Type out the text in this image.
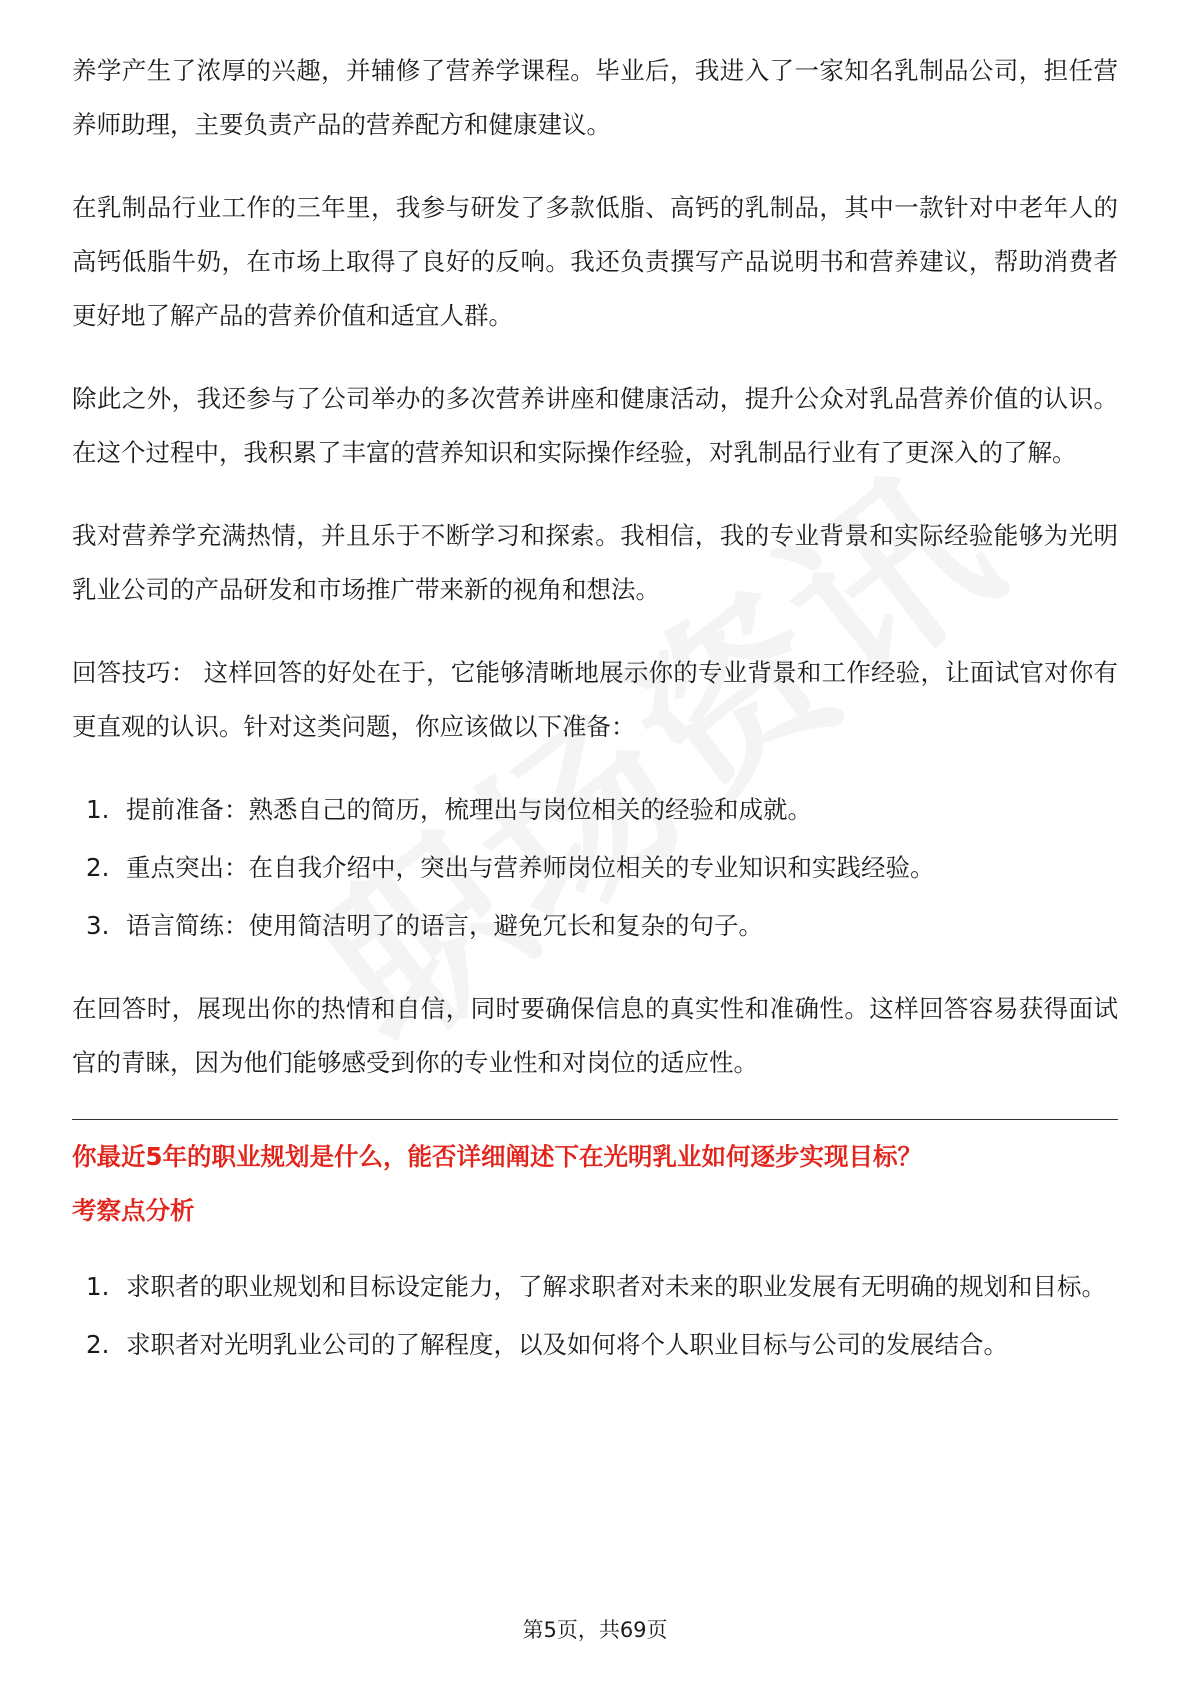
养学产生了浓厚的兴趣，并辅修了营养学课程。毕业后，我进入了一家知名乳制品公司，担任营养师助理，主要负责产品的营养配方和健康建议。

在乳制品行业工作的三年里，我参与研发了多款低脂、高钙的乳制品，其中一款针对中老年人的高钙低脂牛奶，在市场上取得了良好的反响。我还负责撰写产品说明书和营养建议，帮助消费者更好地了解产品的营养价值和适宜人群。

除此之外，我还参与了公司举办的多次营养讲座和健康活动，提升公众对乳品营养价值的认识。在这个过程中，我积累了丰富的营养知识和实际操作经验，对乳制品行业有了更深入的了解。

我对营养学充满热情，并且乐于不断学习和探索。我相信，我的专业背景和实际经验能够为光明乳业公司的产品研发和市场推广带来新的视角和想法。

回答技巧： 这样回答的好处在于，它能够清晰地展示你的专业背景和工作经验，让面试官对你有更直观的认识。针对这类问题，你应该做以下准备：

1. 提前准备：熟悉自己的简历，梳理出与岗位相关的经验和成就。
2. 重点突出：在自我介绍中，突出与营养师岗位相关的专业知识和实践经验。
3. 语言简练：使用简洁明了的语言，避免冗长和复杂的句子。

在回答时，展现出你的热情和自信，同时要确保信息的真实性和准确性。这样回答容易获得面试官的青睐，因为他们能够感受到你的专业性和对岗位的适应性。

你最近5年的职业规划是什么，能否详细阐述下在光明乳业如何逐步实现目标？
考察点分析
1. 求职者的职业规划和目标设定能力，了解求职者对未来的职业发展有无明确的规划和目标。
2. 求职者对光明乳业公司的了解程度，以及如何将个人职业目标与公司的发展结合。
第5页，共69页
